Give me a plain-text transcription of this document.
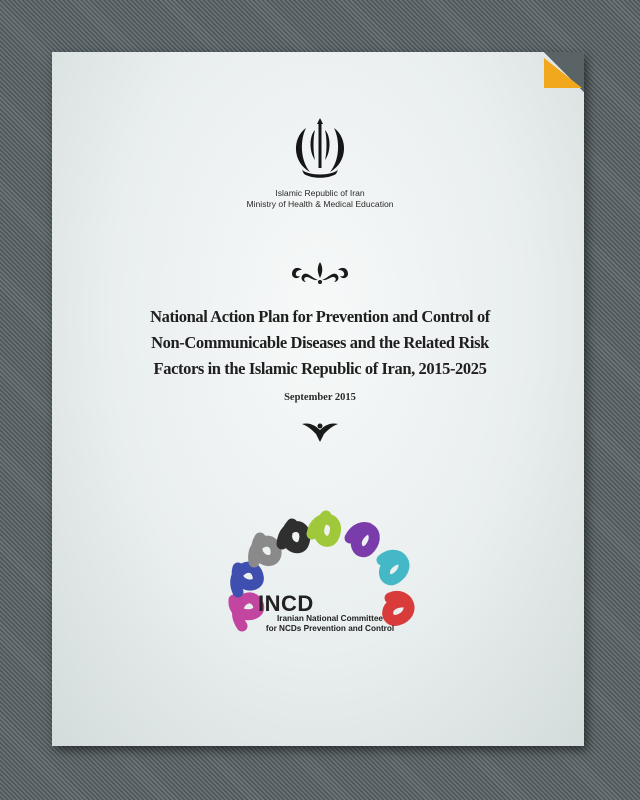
Islamic Republic of Iran
Ministry of Health & Medical Education
National Action Plan for Prevention and Control of
Non-Communicable Diseases and the Related Risk
Factors in the Islamic Republic of Iran, 2015-2025
September 2015
INCD
Iranian National Committee
for NCDs Prevention and Control
